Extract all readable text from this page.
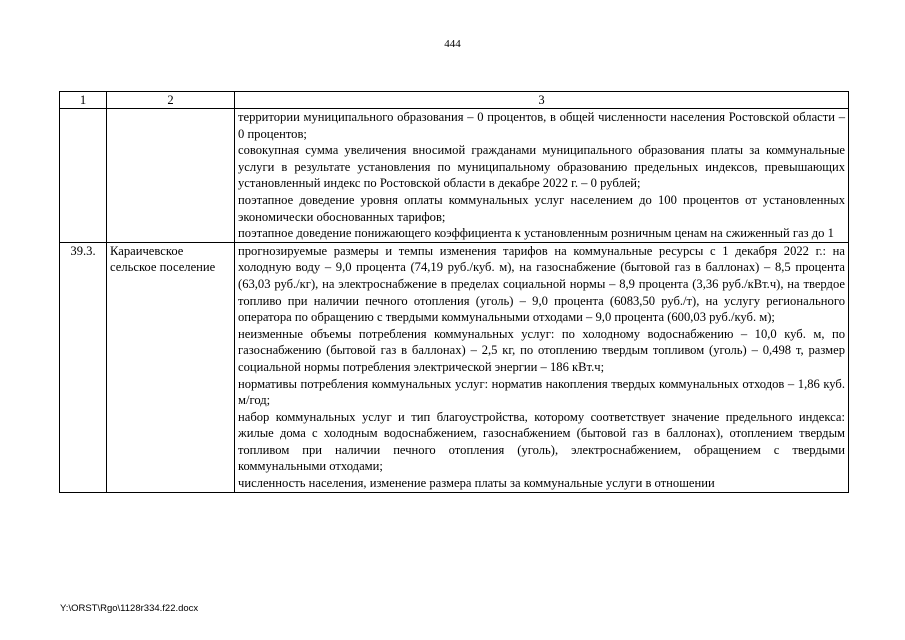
444
1	2	3

		территории муниципального образования – 0 процентов, в общей численности населения Ростовской области – 0 процентов;
совокупная сумма увеличения вносимой гражданами муниципального образования платы за коммунальные услуги в результате установления по муниципальному образованию предельных индексов, превышающих установленный индекс по Ростовской области в декабре 2022 г. – 0 рублей;
поэтапное доведение уровня оплаты коммунальных услуг населением до 100 процентов от установленных экономически обоснованных тарифов;
поэтапное доведение понижающего коэффициента к установленным розничным ценам на сжиженный газ до 1

39.3.	Караичевское сельское поселение	прогнозируемые размеры и темпы изменения тарифов на коммунальные ресурсы с 1 декабря 2022 г.: на холодную воду – 9,0 процента (74,19 руб./куб. м), на газоснабжение (бытовой газ в баллонах) – 8,5 процента (63,03 руб./кг), на электроснабжение в пределах социальной нормы – 8,9 процента (3,36 руб./кВт.ч), на твердое топливо при наличии печного отопления (уголь) – 9,0 процента (6083,50 руб./т), на услугу регионального оператора по обращению с твердыми коммунальными отходами – 9,0 процента (600,03 руб./куб. м);
неизменные объемы потребления коммунальных услуг: по холодному водоснабжению – 10,0 куб. м, по газоснабжению (бытовой газ в баллонах) – 2,5 кг, по отоплению твердым топливом (уголь) – 0,498 т, размер социальной нормы потребления электрической энергии – 186 кВт.ч;
нормативы потребления коммунальных услуг: норматив накопления твердых коммунальных отходов – 1,86 куб. м/год;
набор коммунальных услуг и тип благоустройства, которому соответствует значение предельного индекса: жилые дома с холодным водоснабжением, газоснабжением (бытовой газ в баллонах), отоплением твердым топливом при наличии печного отопления (уголь), электроснабжением, обращением с твердыми коммунальными отходами;
численность населения, изменение размера платы за коммунальные услуги в отношении
Y:\ORST\Rgo\1128r334.f22.docx
